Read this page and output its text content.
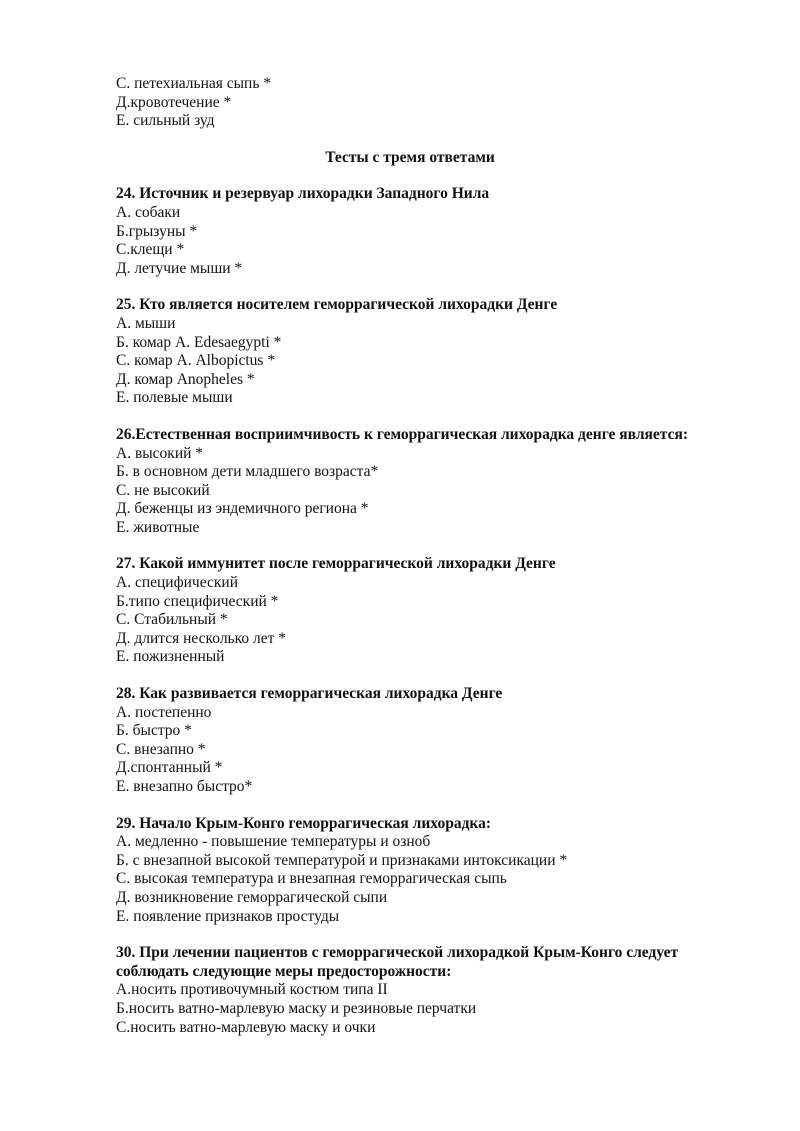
С. петехиальная сыпь *

Д.кровотечение *

Е. сильный зуд

Тесты с тремя ответами

24. Источник и резервуар лихорадки Западного Нила

А. собаки

Б.грызуны *

С.клещи *

Д. летучие мыши *

25. Кто является носителем геморрагической лихорадки Денге

А. мыши

Б. комар А. Edesaegypti *

С. комар А. Albopictus *

Д. комар Anopheles *

Е. полевые мыши

26.Естественная восприимчивость к геморрагическая лихорадка денге является:

А. высокий *

Б. в основном дети младшего возраста*

С. не высокий

Д. беженцы из эндемичного региона *

Е. животные

27. Какой иммунитет после геморрагической лихорадки Денге

А. специфический

Б.типо специфический *

С. Стабильный *

Д. длится несколько лет *

Е. пожизненный

28. Как развивается геморрагическая лихорадка Денге

А. постепенно

Б. быстро *

С. внезапно *

Д.спонтанный *

Е. внезапно быстро*

29. Начало Крым-Конго геморрагическая лихорадка:

А. медленно - повышение температуры и озноб

Б. с внезапной высокой температурой и признаками интоксикации *

С. высокая температура и внезапная геморрагическая сыпь

Д. возникновение геморрагической сыпи

Е. появление признаков простуды

30. При лечении пациентов с геморрагической лихорадкой Крым-Конго следует соблюдать следующие меры предосторожности:

А.носить противочумный костюм типа II

Б.носить ватно-марлевую маску и резиновые перчатки

С.носить ватно-марлевую маску и очки
